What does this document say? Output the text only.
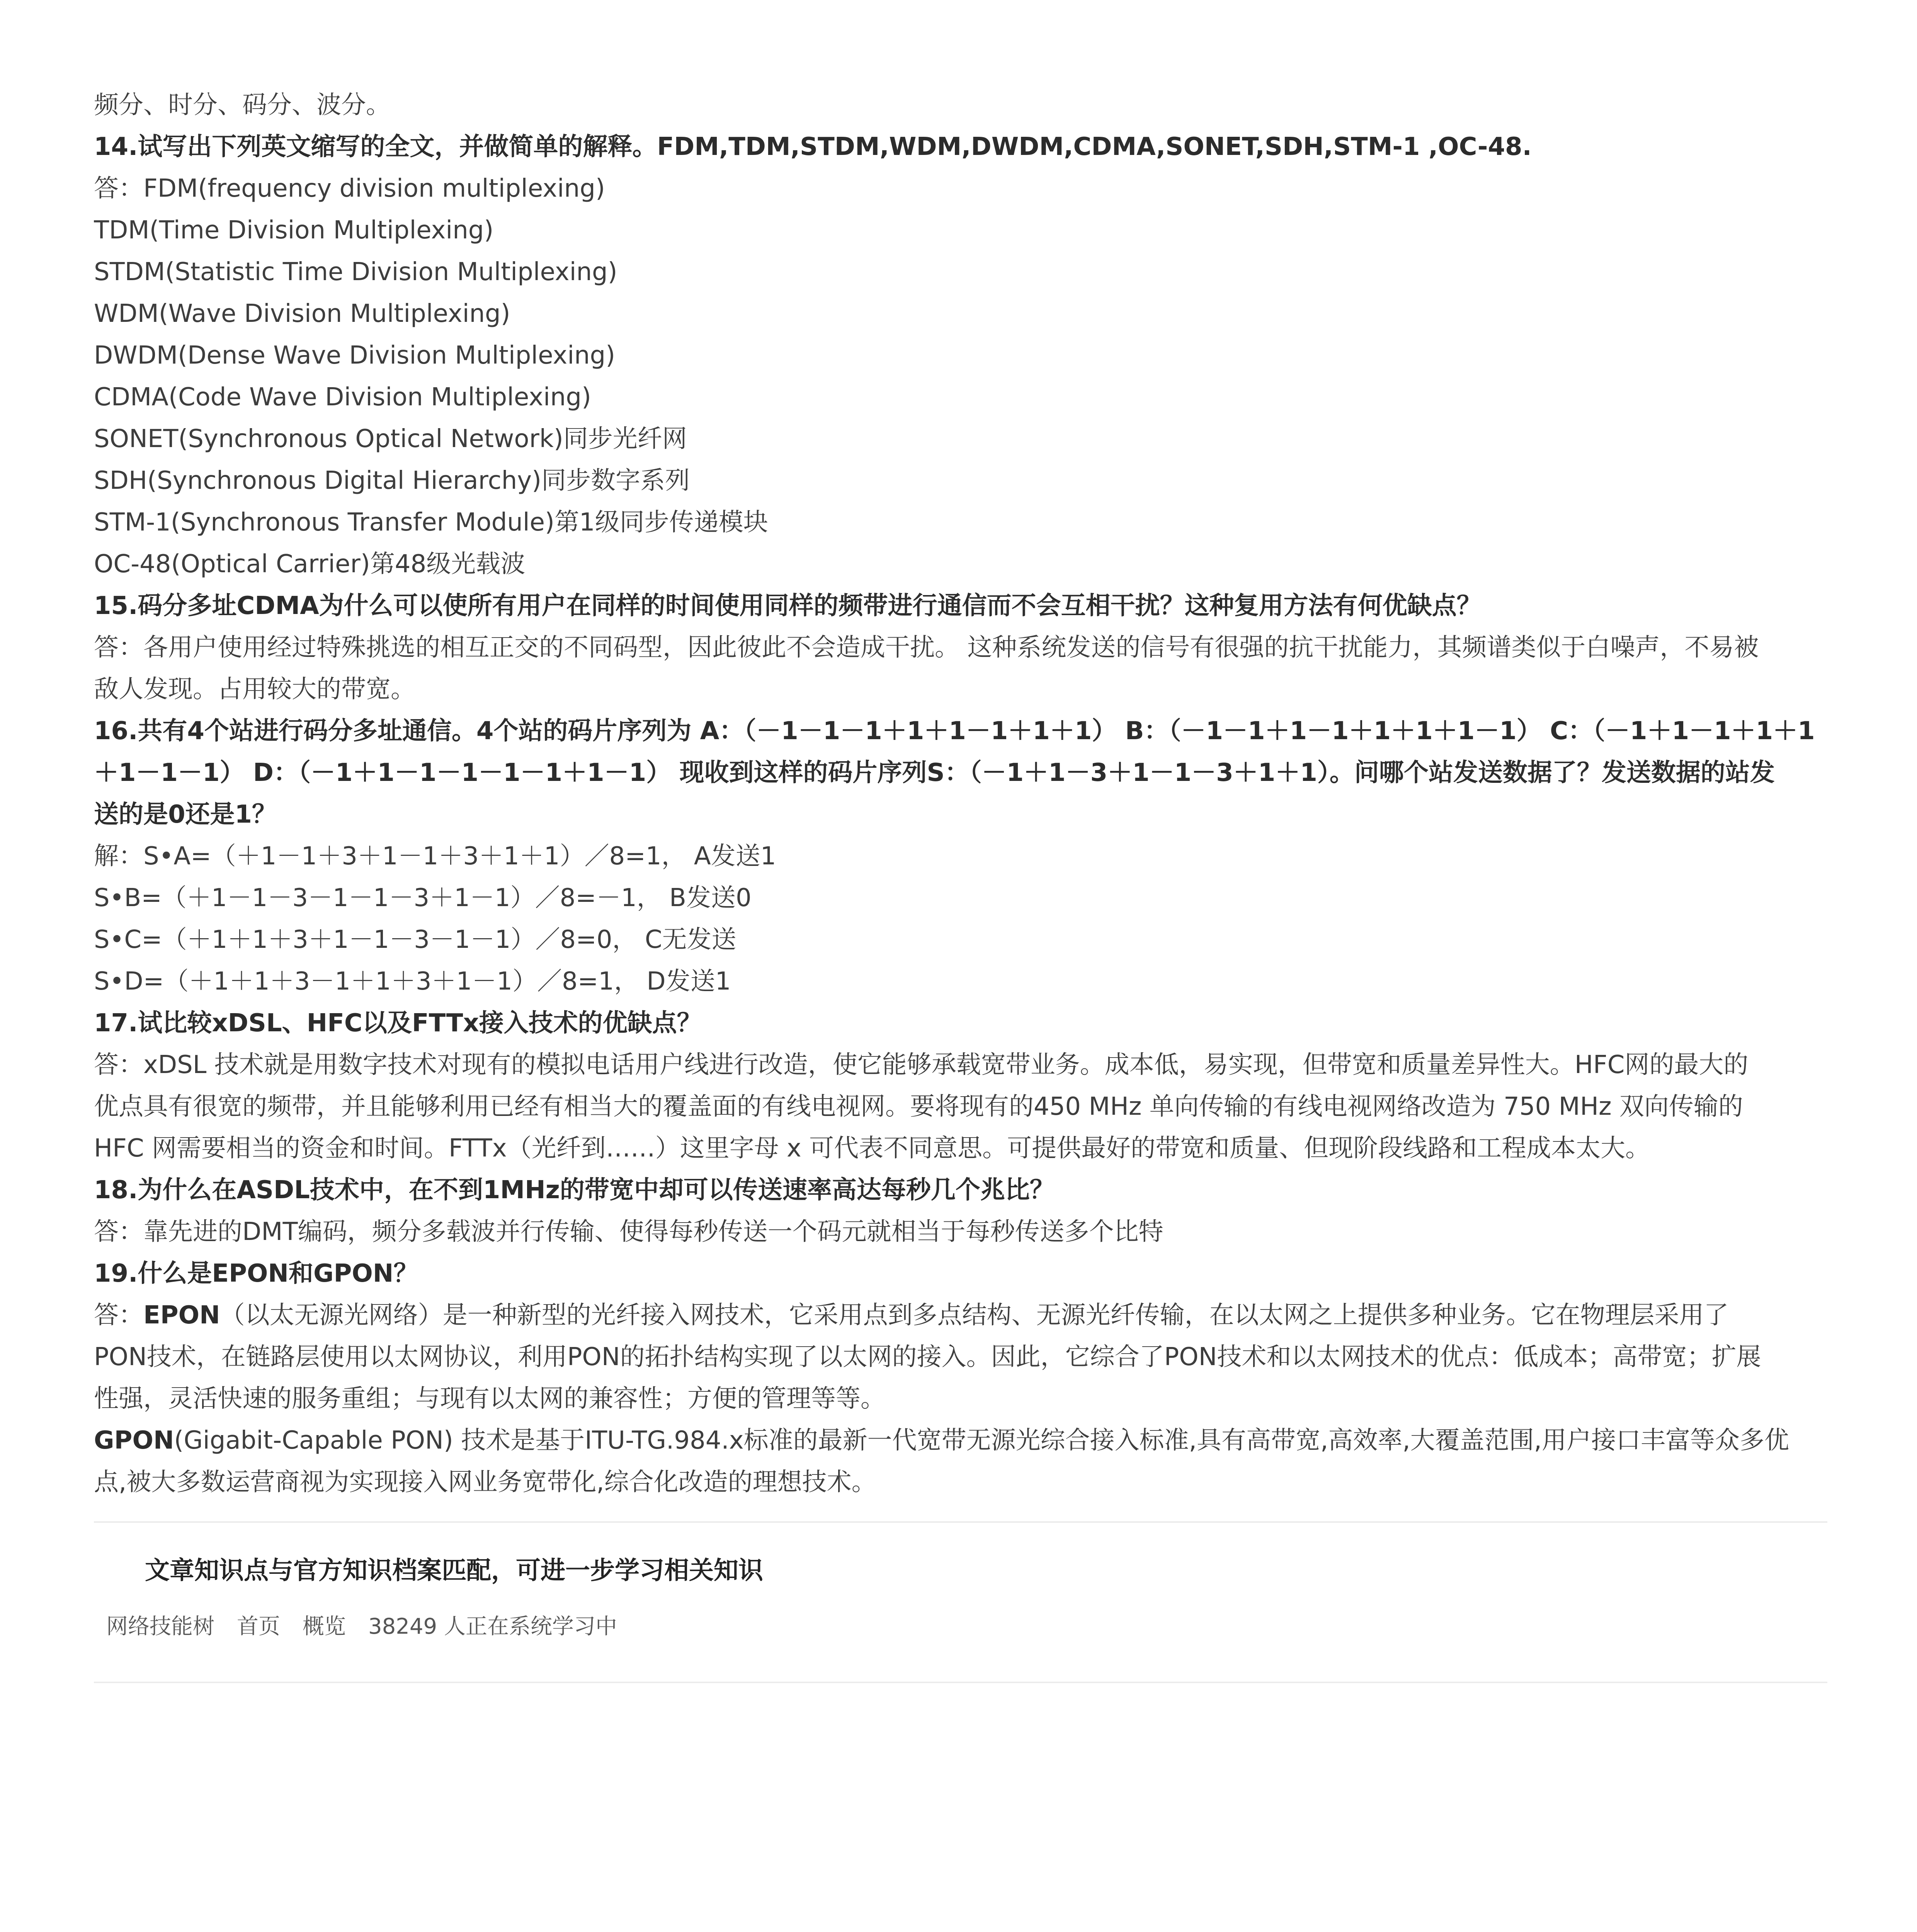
频分、时分、码分、波分。
14.试写出下列英文缩写的全文，并做简单的解释。FDM,TDM,STDM,WDM,DWDM,CDMA,SONET,SDH,STM-1 ,OC-48.
答：FDM(frequency division multiplexing)
TDM(Time Division Multiplexing)
STDM(Statistic Time Division Multiplexing)
WDM(Wave Division Multiplexing)
DWDM(Dense Wave Division Multiplexing)
CDMA(Code Wave Division Multiplexing)
SONET(Synchronous Optical Network)同步光纤网
SDH(Synchronous Digital Hierarchy)同步数字系列
STM-1(Synchronous Transfer Module)第1级同步传递模块
OC-48(Optical Carrier)第48级光载波
15.码分多址CDMA为什么可以使所有用户在同样的时间使用同样的频带进行通信而不会互相干扰？这种复用方法有何优缺点？
答：各用户使用经过特殊挑选的相互正交的不同码型，因此彼此不会造成干扰。 这种系统发送的信号有很强的抗干扰能力，其频谱类似于白噪声，不易被
敌人发现。占用较大的带宽。
16.共有4个站进行码分多址通信。4个站的码片序列为 A：（－1－1－1＋1＋1－1＋1＋1） B：（－1－1＋1－1＋1＋1＋1－1） C：（－1＋1－1＋1＋1
＋1－1－1） D：（－1＋1－1－1－1－1＋1－1） 现收到这样的码片序列S：（－1＋1－3＋1－1－3＋1＋1）。问哪个站发送数据了？发送数据的站发
送的是0还是1？
解：S•A=（＋1－1＋3＋1－1＋3＋1＋1）／8=1， A发送1
S•B=（＋1－1－3－1－1－3＋1－1）／8=－1， B发送0
S•C=（＋1＋1＋3＋1－1－3－1－1）／8=0， C无发送
S•D=（＋1＋1＋3－1＋1＋3＋1－1）／8=1， D发送1
17.试比较xDSL、HFC以及FTTx接入技术的优缺点？
答：xDSL 技术就是用数字技术对现有的模拟电话用户线进行改造，使它能够承载宽带业务。成本低，易实现，但带宽和质量差异性大。HFC网的最大的
优点具有很宽的频带，并且能够利用已经有相当大的覆盖面的有线电视网。要将现有的450 MHz 单向传输的有线电视网络改造为 750 MHz 双向传输的
HFC 网需要相当的资金和时间。FTTx（光纤到……）这里字母 x 可代表不同意思。可提供最好的带宽和质量、但现阶段线路和工程成本太大。
18.为什么在ASDL技术中，在不到1MHz的带宽中却可以传送速率高达每秒几个兆比？
答：靠先进的DMT编码，频分多载波并行传输、使得每秒传送一个码元就相当于每秒传送多个比特
19.什么是EPON和GPON？
答：EPON（以太无源光网络）是一种新型的光纤接入网技术，它采用点到多点结构、无源光纤传输，在以太网之上提供多种业务。它在物理层采用了
PON技术，在链路层使用以太网协议，利用PON的拓扑结构实现了以太网的接入。因此，它综合了PON技术和以太网技术的优点：低成本；高带宽；扩展
性强，灵活快速的服务重组；与现有以太网的兼容性；方便的管理等等。
GPON(Gigabit-Capable PON) 技术是基于ITU-TG.984.x标准的最新一代宽带无源光综合接入标准,具有高带宽,高效率,大覆盖范围,用户接口丰富等众多优
点,被大多数运营商视为实现接入网业务宽带化,综合化改造的理想技术。
文章知识点与官方知识档案匹配，可进一步学习相关知识
网络技能树 首页 概览 38249 人正在系统学习中
